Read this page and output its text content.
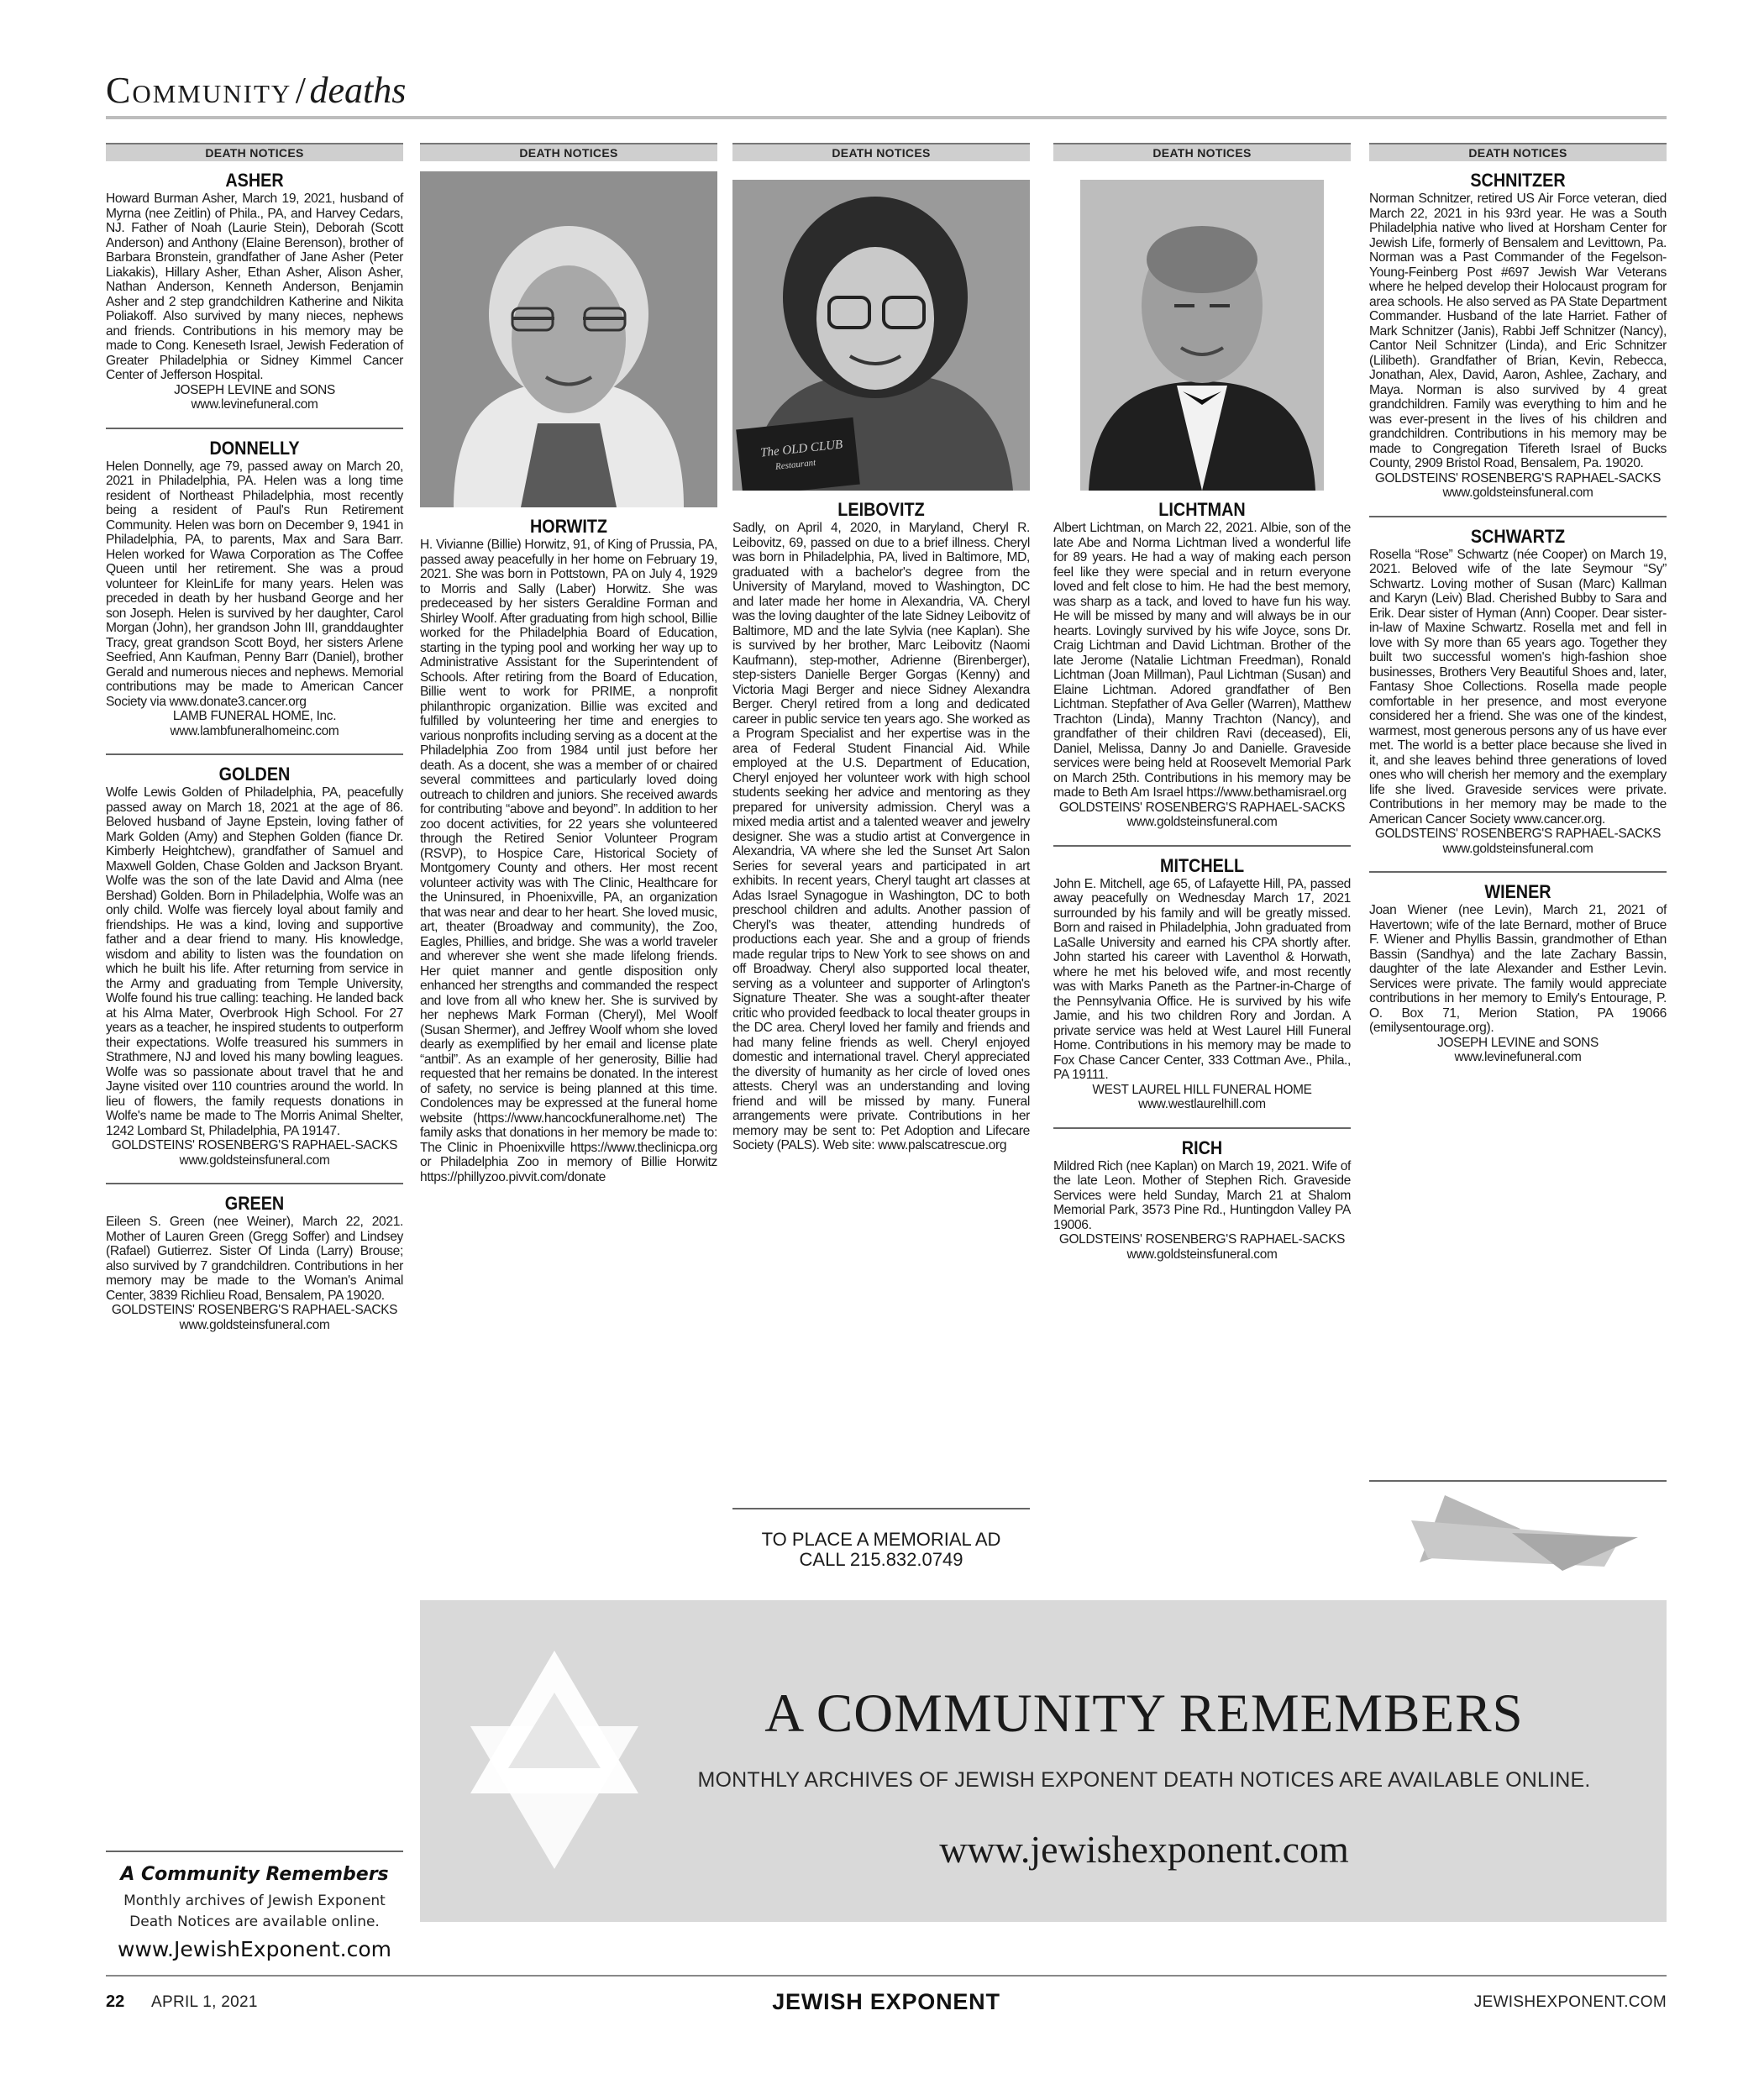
Community / deaths
DEATH NOTICES
ASHER
Howard Burman Asher, March 19, 2021, husband of Myrna (nee Zeitlin) of Phila., PA, and Harvey Cedars, NJ. Father of Noah (Laurie Stein), Deborah (Scott Anderson) and Anthony (Elaine Berenson), brother of Barbara Bronstein, grandfather of Jane Asher (Peter Liakakis), Hillary Asher, Ethan Asher, Alison Asher, Nathan Anderson, Kenneth Anderson, Benjamin Asher and 2 step grandchildren Katherine and Nikita Poliakoff. Also survived by many nieces, nephews and friends. Contributions in his memory may be made to Cong. Keneseth Israel, Jewish Federation of Greater Philadelphia or Sidney Kimmel Cancer Center of Jefferson Hospital.
JOSEPH LEVINE and SONS
www.levinefuneral.com
DONNELLY
Helen Donnelly, age 79, passed away on March 20, 2021 in Philadelphia, PA. Helen was a long time resident of Northeast Philadelphia, most recently being a resident of Paul's Run Retirement Community. Helen was born on December 9, 1941 in Philadelphia, PA, to parents, Max and Sara Barr. Helen worked for Wawa Corporation as The Coffee Queen until her retirement. She was a proud volunteer for KleinLife for many years. Helen was preceded in death by her husband George and her son Joseph. Helen is survived by her daughter, Carol Morgan (John), her grandson John III, granddaughter Tracy, great grandson Scott Boyd, her sisters Arlene Seefried, Ann Kaufman, Penny Barr (Daniel), brother Gerald and numerous nieces and nephews. Memorial contributions may be made to American Cancer Society via www.donate3.cancer.org
LAMB FUNERAL HOME, Inc.
www.lambfuneralhomeinc.com
GOLDEN
Wolfe Lewis Golden of Philadelphia, PA, peacefully passed away on March 18, 2021 at the age of 86. Beloved husband of Jayne Epstein, loving father of Mark Golden (Amy) and Stephen Golden (fiance Dr. Kimberly Heightchew), grandfather of Samuel and Maxwell Golden, Chase Golden and Jackson Bryant. Wolfe was the son of the late David and Alma (nee Bershad) Golden. Born in Philadelphia, Wolfe was an only child. Wolfe was fiercely loyal about family and friendships. He was a kind, loving and supportive father and a dear friend to many. His knowledge, wisdom and ability to listen was the foundation on which he built his life. After returning from service in the Army and graduating from Temple University, Wolfe found his true calling: teaching. He landed back at his Alma Mater, Overbrook High School. For 27 years as a teacher, he inspired students to outperform their expectations. Wolfe treasured his summers in Strathmere, NJ and loved his many bowling leagues. Wolfe was so passionate about travel that he and Jayne visited over 110 countries around the world. In lieu of flowers, the family requests donations in Wolfe's name be made to The Morris Animal Shelter, 1242 Lombard St, Philadelphia, PA 19147.
GOLDSTEINS' ROSENBERG'S RAPHAEL-SACKS
www.goldsteinsfuneral.com
GREEN
Eileen S. Green (nee Weiner), March 22, 2021. Mother of Lauren Green (Gregg Soffer) and Lindsey (Rafael) Gutierrez. Sister Of Linda (Larry) Brouse; also survived by 7 grandchildren. Contributions in her memory may be made to the Woman's Animal Center, 3839 Richlieu Road, Bensalem, PA 19020.
GOLDSTEINS' ROSENBERG'S RAPHAEL-SACKS
www.goldsteinsfuneral.com
DEATH NOTICES
HORWITZ
H. Vivianne (Billie) Horwitz, 91, of King of Prussia, PA, passed away peacefully in her home on February 19, 2021. She was born in Pottstown, PA on July 4, 1929 to Morris and Sally (Laber) Horwitz. She was predeceased by her sisters Geraldine Forman and Shirley Woolf. After graduating from high school, Billie worked for the Philadelphia Board of Education, starting in the typing pool and working her way up to Administrative Assistant for the Superintendent of Schools. After retiring from the Board of Education, Billie went to work for PRIME, a nonprofit philanthropic organization. Billie was excited and fulfilled by volunteering her time and energies to various nonprofits including serving as a docent at the Philadelphia Zoo from 1984 until just before her death. As a docent, she was a member of or chaired several committees and particularly loved doing outreach to children and juniors. She received awards for contributing “above and beyond”. In addition to her zoo docent activities, for 22 years she volunteered through the Retired Senior Volunteer Program (RSVP), to Hospice Care, Historical Society of Montgomery County and others. Her most recent volunteer activity was with The Clinic, Healthcare for the Uninsured, in Phoenixville, PA, an organization that was near and dear to her heart. She loved music, art, theater (Broadway and community), the Zoo, Eagles, Phillies, and bridge. She was a world traveler and wherever she went she made lifelong friends. Her quiet manner and gentle disposition only enhanced her strengths and commanded the respect and love from all who knew her. She is survived by her nephews Mark Forman (Cheryl), Mel Woolf (Susan Shermer), and Jeffrey Woolf whom she loved dearly as exemplified by her email and license plate “antbil”. As an example of her generosity, Billie had requested that her remains be donated. In the interest of safety, no service is being planned at this time. Condolences may be expressed at the funeral home website (https://www.hancockfuneralhome.net) The family asks that donations in her memory be made to: The Clinic in Phoenixville https://www.theclinicpa.org or Philadelphia Zoo in memory of Billie Horwitz https://phillyzoo.pivvit.com/donate
DEATH NOTICES
The OLD CLUB
Restaurant
LEIBOVITZ
Sadly, on April 4, 2020, in Maryland, Cheryl R. Leibovitz, 69, passed on due to a brief illness. Cheryl was born in Philadelphia, PA, lived in Baltimore, MD, graduated with a bachelor's degree from the University of Maryland, moved to Washington, DC and later made her home in Alexandria, VA. Cheryl was the loving daughter of the late Sidney Leibovitz of Baltimore, MD and the late Sylvia (nee Kaplan). She is survived by her brother, Marc Leibovitz (Naomi Kaufmann), step-mother, Adrienne (Birenberger), step-sisters Danielle Berger Gorgas (Kenny) and Victoria Magi Berger and niece Sidney Alexandra Berger. Cheryl retired from a long and dedicated career in public service ten years ago. She worked as a Program Specialist and her expertise was in the area of Federal Student Financial Aid. While employed at the U.S. Department of Education, Cheryl enjoyed her volunteer work with high school students seeking her advice and mentoring as they prepared for university admission. Cheryl was a mixed media artist and a talented weaver and jewelry designer. She was a studio artist at Convergence in Alexandria, VA where she led the Sunset Art Salon Series for several years and participated in art exhibits. In recent years, Cheryl taught art classes at Adas Israel Synagogue in Washington, DC to both preschool children and adults. Another passion of Cheryl's was theater, attending hundreds of productions each year. She and a group of friends made regular trips to New York to see shows on and off Broadway. Cheryl also supported local theater, serving as a volunteer and supporter of Arlington's Signature Theater. She was a sought-after theater critic who provided feedback to local theater groups in the DC area. Cheryl loved her family and friends and had many feline friends as well. Cheryl enjoyed domestic and international travel. Cheryl appreciated the diversity of humanity as her circle of loved ones attests. Cheryl was an understanding and loving friend and will be missed by many. Funeral arrangements were private. Contributions in her memory may be sent to: Pet Adoption and Lifecare Society (PALS). Web site: www.palscatrescue.org
TO PLACE A MEMORIAL AD
CALL 215.832.0749
DEATH NOTICES
LICHTMAN
Albert Lichtman, on March 22, 2021. Albie, son of the late Abe and Norma Lichtman lived a wonderful life for 89 years. He had a way of making each person feel like they were special and in return everyone loved and felt close to him. He had the best memory, was sharp as a tack, and loved to have fun his way. He will be missed by many and will always be in our hearts. Lovingly survived by his wife Joyce, sons Dr. Craig Lichtman and David Lichtman. Brother of the late Jerome (Natalie Lichtman Freedman), Ronald Lichtman (Joan Millman), Paul Lichtman (Susan) and Elaine Lichtman. Adored grandfather of Ben Lichtman. Stepfather of Ava Geller (Warren), Matthew Trachton (Linda), Manny Trachton (Nancy), and grandfather of their children Ravi (deceased), Eli, Daniel, Melissa, Danny Jo and Danielle. Graveside services were being held at Roosevelt Memorial Park on March 25th. Contributions in his memory may be made to Beth Am Israel https://www.bethamisrael.org
GOLDSTEINS' ROSENBERG'S RAPHAEL-SACKS
www.goldsteinsfuneral.com
MITCHELL
John E. Mitchell, age 65, of Lafayette Hill, PA, passed away peacefully on Wednesday March 17, 2021 surrounded by his family and will be greatly missed. Born and raised in Philadelphia, John graduated from LaSalle University and earned his CPA shortly after. John started his career with Laventhol & Horwath, where he met his beloved wife, and most recently was with Marks Paneth as the Partner-in-Charge of the Pennsylvania Office. He is survived by his wife Jamie, and his two children Rory and Jordan. A private service was held at West Laurel Hill Funeral Home. Contributions in his memory may be made to Fox Chase Cancer Center, 333 Cottman Ave., Phila., PA 19111.
WEST LAUREL HILL FUNERAL HOME
www.westlaurelhill.com
RICH
Mildred Rich (nee Kaplan) on March 19, 2021. Wife of the late Leon. Mother of Stephen Rich. Graveside Services were held Sunday, March 21 at Shalom Memorial Park, 3573 Pine Rd., Huntingdon Valley PA 19006.
GOLDSTEINS' ROSENBERG'S RAPHAEL-SACKS
www.goldsteinsfuneral.com
DEATH NOTICES
SCHNITZER
Norman Schnitzer, retired US Air Force veteran, died March 22, 2021 in his 93rd year. He was a South Philadelphia native who lived at Horsham Center for Jewish Life, formerly of Bensalem and Levittown, Pa. Norman was a Past Commander of the Fegelson-Young-Feinberg Post #697 Jewish War Veterans where he helped develop their Holocaust program for area schools. He also served as PA State Department Commander. Husband of the late Harriet. Father of Mark Schnitzer (Janis), Rabbi Jeff Schnitzer (Nancy), Cantor Neil Schnitzer (Linda), and Eric Schnitzer (Lilibeth). Grandfather of Brian, Kevin, Rebecca, Jonathan, Alex, David, Aaron, Ashlee, Zachary, and Maya. Norman is also survived by 4 great grandchildren. Family was everything to him and he was ever-present in the lives of his children and grandchildren. Contributions in his memory may be made to Congregation Tifereth Israel of Bucks County, 2909 Bristol Road, Bensalem, Pa. 19020.
GOLDSTEINS' ROSENBERG'S RAPHAEL-SACKS
www.goldsteinsfuneral.com
SCHWARTZ
Rosella “Rose” Schwartz (née Cooper) on March 19, 2021. Beloved wife of the late Seymour “Sy” Schwartz. Loving mother of Susan (Marc) Kallman and Karyn (Leiv) Blad. Cherished Bubby to Sara and Erik. Dear sister of Hyman (Ann) Cooper. Dear sister-in-law of Maxine Schwartz. Rosella met and fell in love with Sy more than 65 years ago. Together they built two successful women's high-fashion shoe businesses, Brothers Very Beautiful Shoes and, later, Fantasy Shoe Collections. Rosella made people comfortable in her presence, and most everyone considered her a friend. She was one of the kindest, warmest, most generous persons any of us have ever met. The world is a better place because she lived in it, and she leaves behind three generations of loved ones who will cherish her memory and the exemplary life she lived. Graveside services were private. Contributions in her memory may be made to the American Cancer Society www.cancer.org.
GOLDSTEINS' ROSENBERG'S RAPHAEL-SACKS
www.goldsteinsfuneral.com
WIENER
Joan Wiener (nee Levin), March 21, 2021 of Havertown; wife of the late Bernard, mother of Bruce F. Wiener and Phyllis Bassin, grandmother of Ethan Bassin (Sandhya) and the late Zachary Bassin, daughter of the late Alexander and Esther Levin. Services were private. The family would appreciate contributions in her memory to Emily's Entourage, P. O. Box 71, Merion Station, PA 19066 (emilysentourage.org).
JOSEPH LEVINE and SONS
www.levinefuneral.com
A Community Remembers
Monthly archives of Jewish Exponent
Death Notices are available online.
www.JewishExponent.com
A COMMUNITY REMEMBERS
MONTHLY ARCHIVES OF JEWISH EXPONENT DEATH NOTICES ARE AVAILABLE ONLINE.
www.jewishexponent.com
22 APRIL 1, 2021	JEWISH EXPONENT	JEWISHEXPONENT.COM
